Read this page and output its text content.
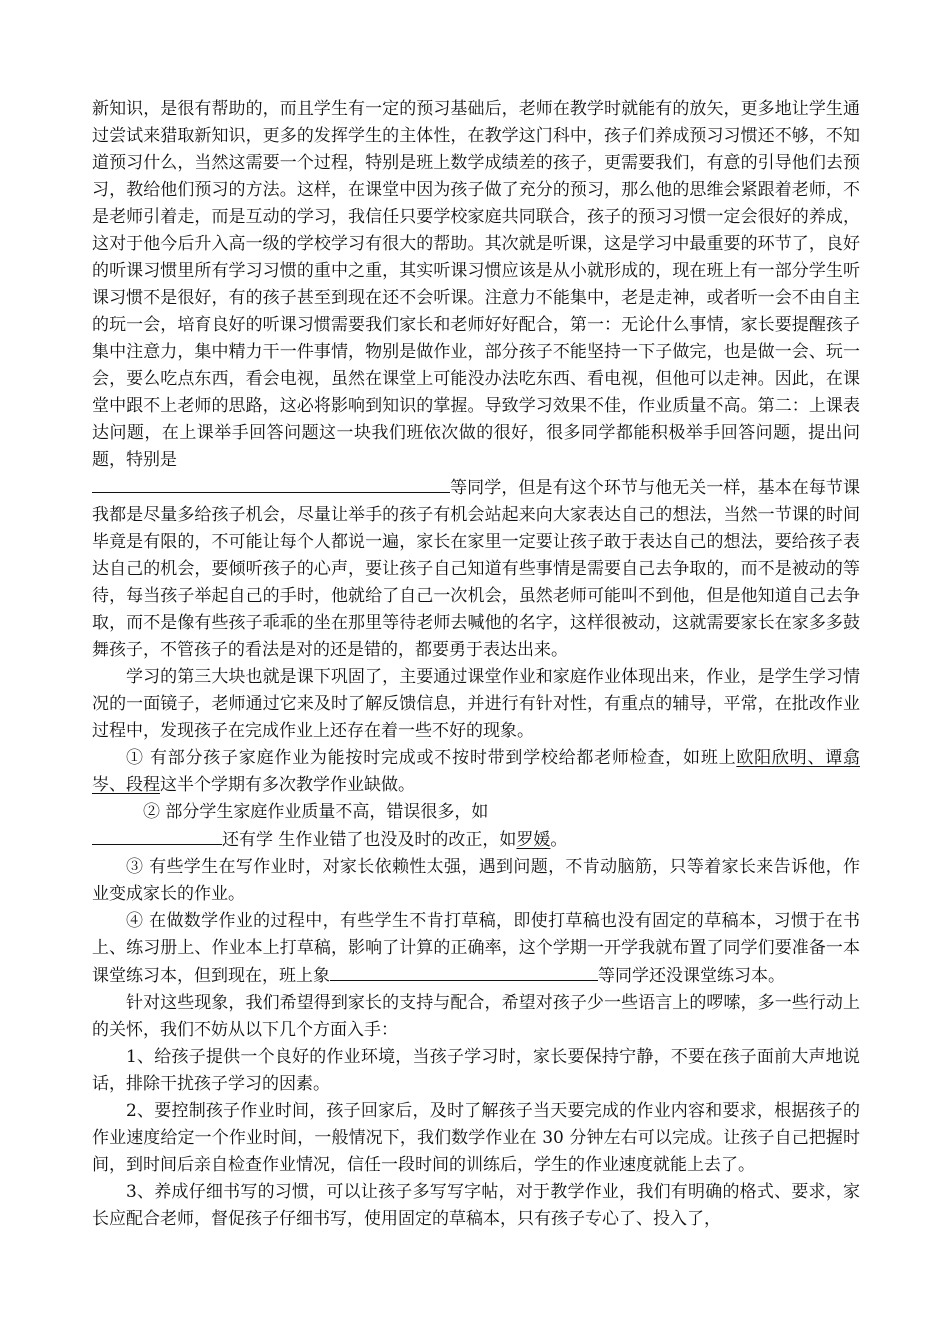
新知识，是很有帮助的，而且学生有一定的预习基础后，老师在教学时就能有的放矢，更多地让学生通过尝试来猎取新知识，更多的发挥学生的主体性，在教学这门科中，孩子们养成预习习惯还不够，不知道预习什么，当然这需要一个过程，特别是班上数学成绩差的孩子，更需要我们，有意的引导他们去预习，教给他们预习的方法。这样，在课堂中因为孩子做了充分的预习，那么他的思维会紧跟着老师，不是老师引着走，而是互动的学习，我信任只要学校家庭共同联合，孩子的预习习惯一定会很好的养成，这对于他今后升入高一级的学校学习有很大的帮助。其次就是听课，这是学习中最重要的环节了，良好的听课习惯里所有学习习惯的重中之重，其实听课习惯应该是从小就形成的，现在班上有一部分学生听课习惯不是很好，有的孩子甚至到现在还不会听课。注意力不能集中，老是走神，或者听一会不由自主的玩一会，培育良好的听课习惯需要我们家长和老师好好配合，第一：无论什么事情，家长要提醒孩子集中注意力，集中精力干一件事情，物别是做作业，部分孩子不能坚持一下子做完，也是做一会、玩一会，要么吃点东西，看会电视，虽然在课堂上可能没办法吃东西、看电视，但他可以走神。因此，在课堂中跟不上老师的思路，这必将影响到知识的掌握。导致学习效果不佳，作业质量不高。第二：上课表达问题，在上课举手回答问题这一块我们班依次做的很好，很多同学都能积极举手回答问题，提出问题，特别是

等同学，但是有这个环节与他无关一样，基本在每节课我都是尽量多给孩子机会，尽量让举手的孩子有机会站起来向大家表达自己的想法，当然一节课的时间毕竟是有限的，不可能让每个人都说一遍，家长在家里一定要让孩子敢于表达自己的想法，要给孩子表达自己的机会，要倾听孩子的心声，要让孩子自己知道有些事情是需要自己去争取的，而不是被动的等待，每当孩子举起自己的手时，他就给了自己一次机会，虽然老师可能叫不到他，但是他知道自己去争取，而不是像有些孩子乖乖的坐在那里等待老师去喊他的名字，这样很被动，这就需要家长在家多多鼓舞孩子，不管孩子的看法是对的还是错的，都要勇于表达出来。

学习的第三大块也就是课下巩固了，主要通过课堂作业和家庭作业体现出来，作业，是学生学习情况的一面镜子，老师通过它来及时了解反馈信息，并进行有针对性，有重点的辅导，平常，在批改作业过程中，发现孩子在完成作业上还存在着一些不好的现象。

① 有部分孩子家庭作业为能按时完成或不按时带到学校给都老师检查，如班上欧阳欣明、谭翕岑、段程这半个学期有多次教学作业缺做。

② 部分学生家庭作业质量不高，错误很多，如

还有学 生作业错了也没及时的改正，如罗媛。

③ 有些学生在写作业时，对家长依赖性太强，遇到问题，不肯动脑筋，只等着家长来告诉他，作业变成家长的作业。

④ 在做数学作业的过程中，有些学生不肯打草稿，即使打草稿也没有固定的草稿本，习惯于在书上、练习册上、作业本上打草稿，影响了计算的正确率，这个学期一开学我就布置了同学们要准备一本课堂练习本，但到现在，班上象	等同学还没课堂练习本。

针对这些现象，我们希望得到家长的支持与配合，希望对孩子少一些语言上的啰嗦，多一些行动上的关怀，我们不妨从以下几个方面入手：

1、给孩子提供一个良好的作业环境，当孩子学习时，家长要保持宁静，不要在孩子面前大声地说话，排除干扰孩子学习的因素。

2、要控制孩子作业时间，孩子回家后，及时了解孩子当天要完成的作业内容和要求，根据孩子的作业速度给定一个作业时间，一般情况下，我们数学作业在 30 分钟左右可以完成。让孩子自己把握时间，到时间后亲自检查作业情况，信任一段时间的训练后，学生的作业速度就能上去了。

3、养成仔细书写的习惯，可以让孩子多写写字帖，对于教学作业，我们有明确的格式、要求，家长应配合老师，督促孩子仔细书写，使用固定的草稿本，只有孩子专心了、投入了，
